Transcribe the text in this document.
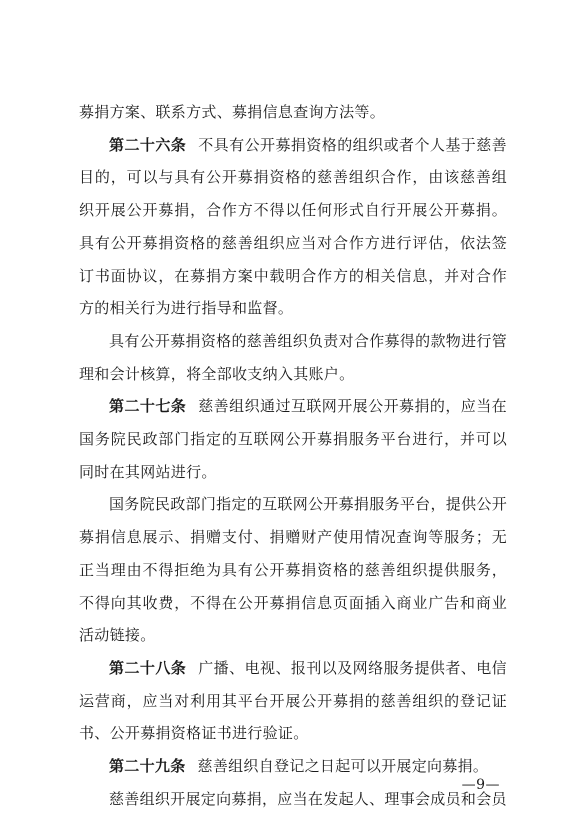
募捐方案、联系方式、募捐信息查询方法等。

第二十六条 不具有公开募捐资格的组织或者个人基于慈善目的，可以与具有公开募捐资格的慈善组织合作，由该慈善组织开展公开募捐，合作方不得以任何形式自行开展公开募捐。具有公开募捐资格的慈善组织应当对合作方进行评估，依法签订书面协议，在募捐方案中载明合作方的相关信息，并对合作方的相关行为进行指导和监督。

具有公开募捐资格的慈善组织负责对合作募得的款物进行管理和会计核算，将全部收支纳入其账户。

第二十七条 慈善组织通过互联网开展公开募捐的，应当在国务院民政部门指定的互联网公开募捐服务平台进行，并可以同时在其网站进行。

国务院民政部门指定的互联网公开募捐服务平台，提供公开募捐信息展示、捐赠支付、捐赠财产使用情况查询等服务；无正当理由不得拒绝为具有公开募捐资格的慈善组织提供服务，不得向其收费，不得在公开募捐信息页面插入商业广告和商业活动链接。

第二十八条 广播、电视、报刊以及网络服务提供者、电信运营商，应当对利用其平台开展公开募捐的慈善组织的登记证书、公开募捐资格证书进行验证。

第二十九条 慈善组织自登记之日起可以开展定向募捐。

慈善组织开展定向募捐，应当在发起人、理事会成员和会员

—9—
